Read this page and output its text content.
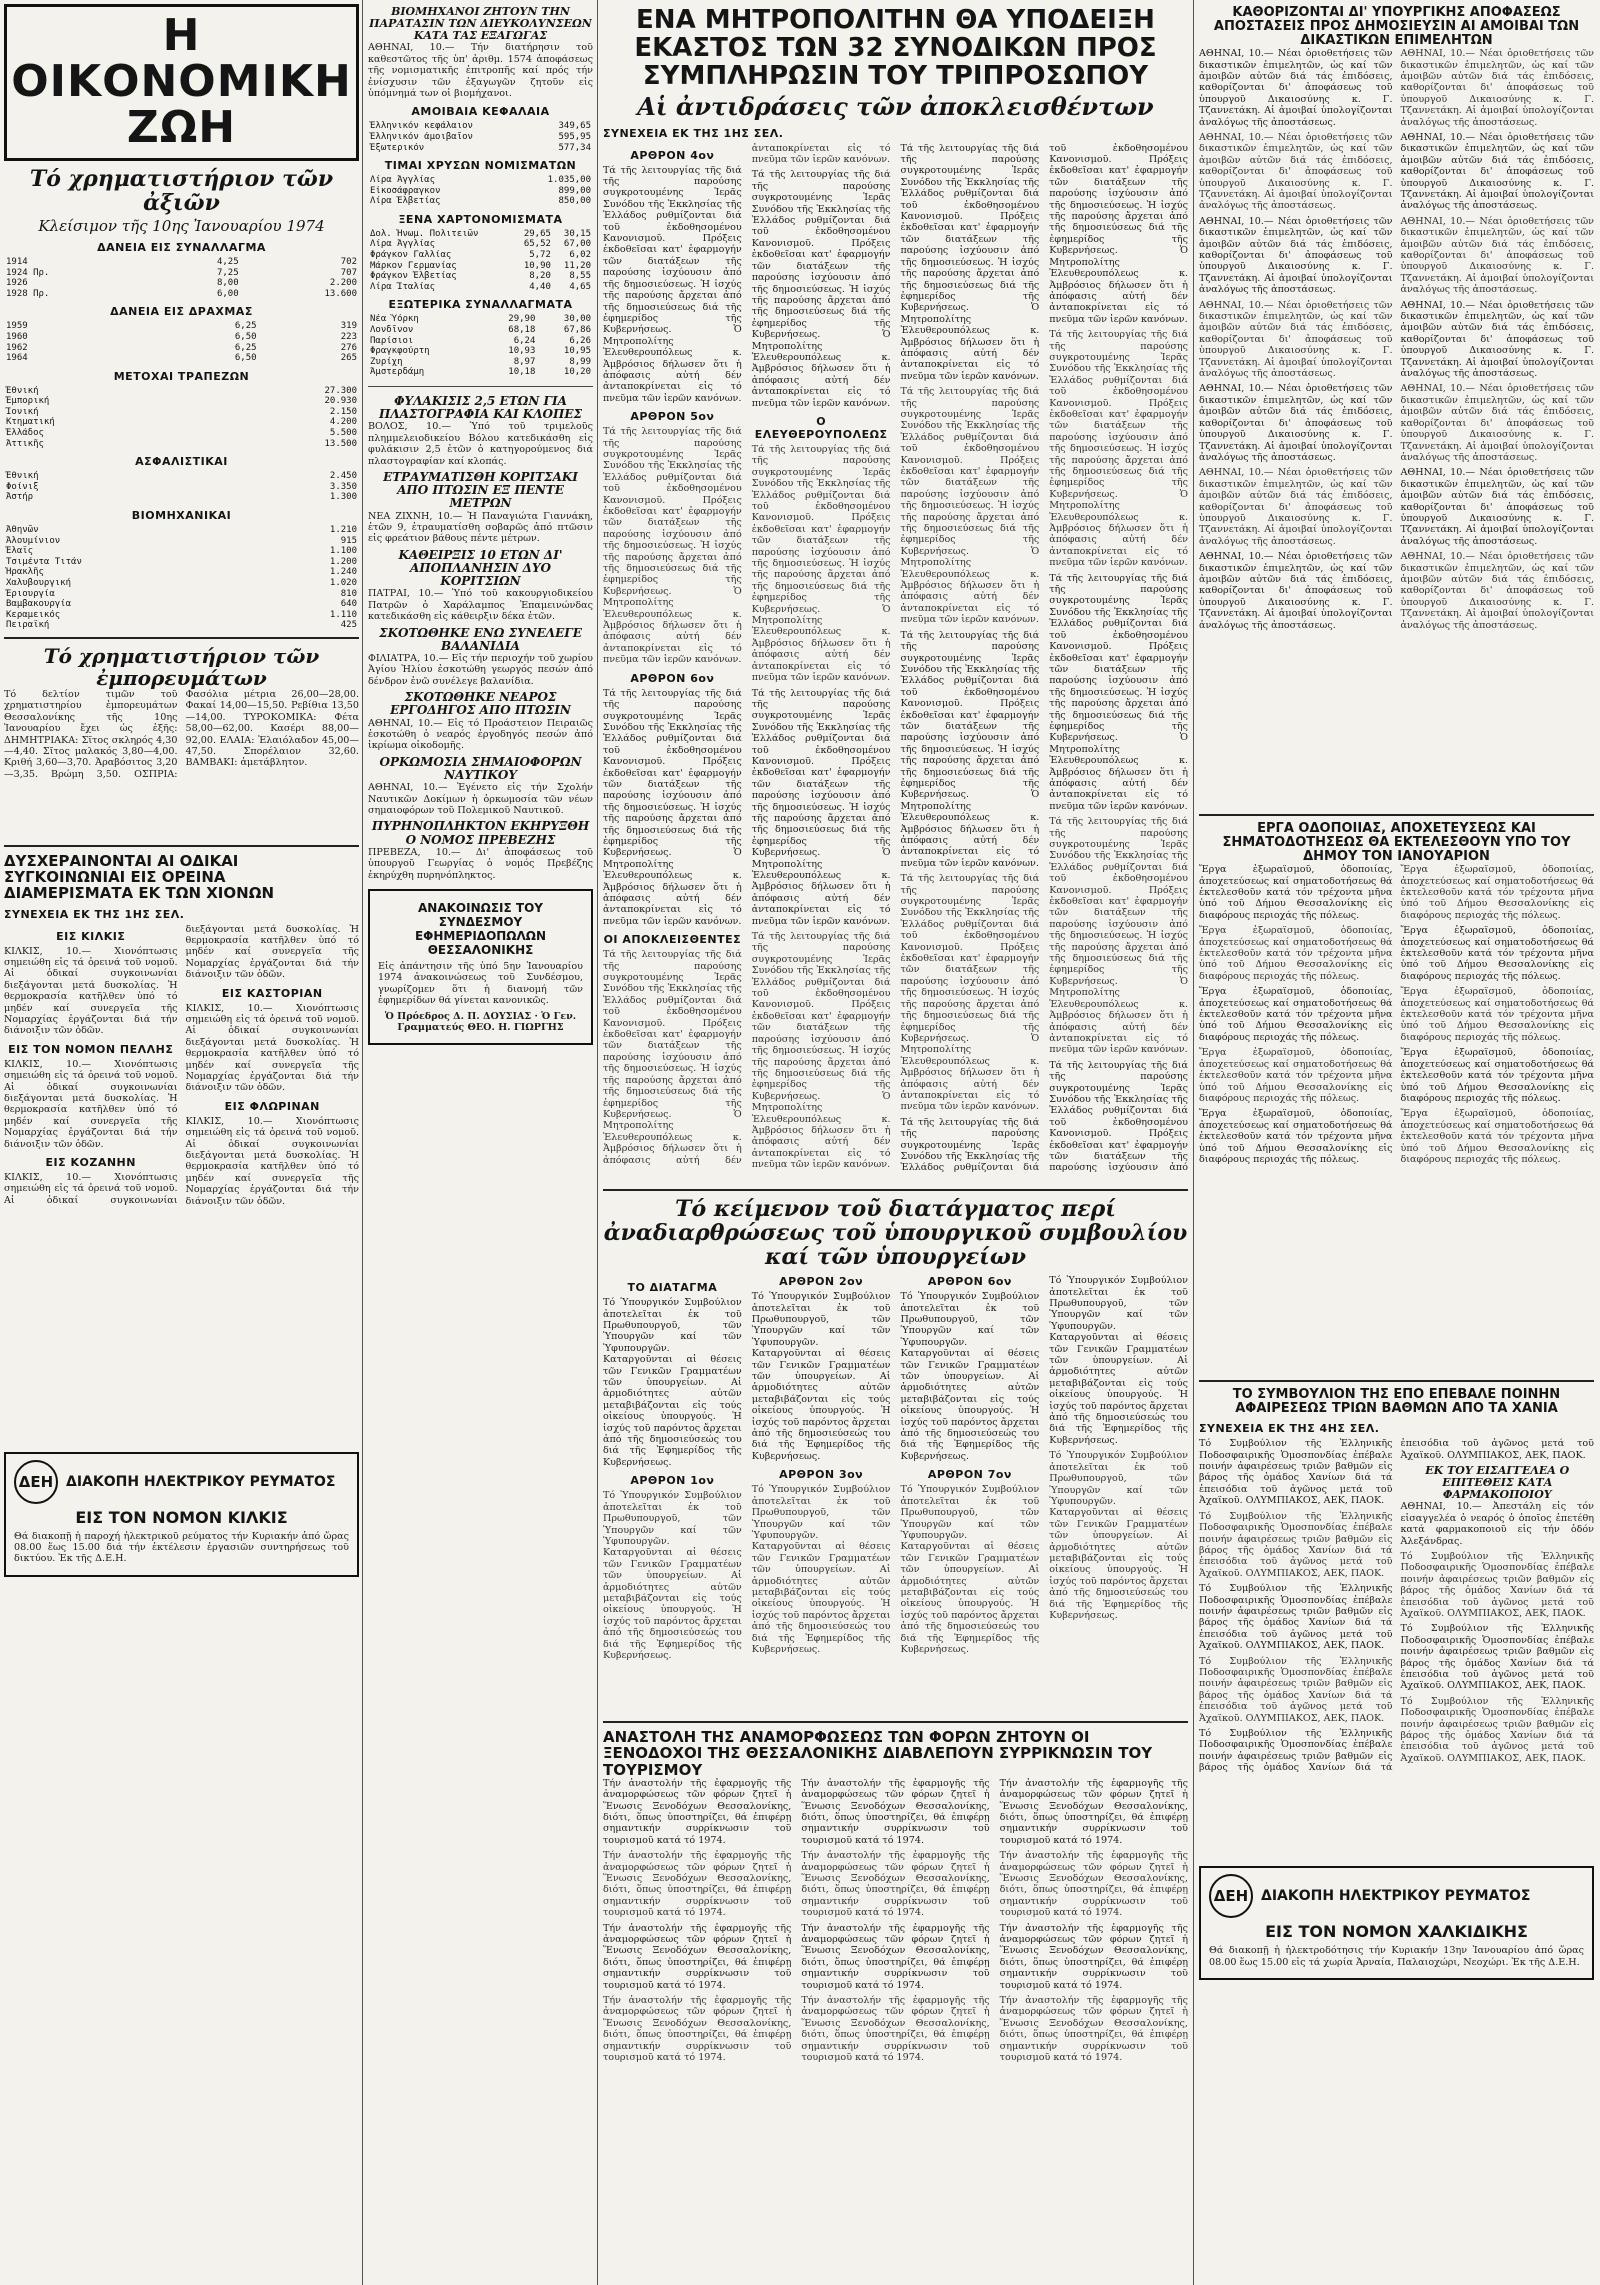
Η ΟΙΚΟΝΟΜΙΚΗ ΖΩΗ
Τό χρηματιστήριον τῶν ἀξιῶν
Κλείσιμον τῆς 10ης Ἰανουαρίου 1974
ΔΑΝΕΙΑ ΕΙΣ ΣΥΝΑΛΛΑΓΜΑ
1914	4,25	702
1924 Πρ.	7,25	707
1926	8,00	2.200
1928 Πρ.	6,00	13.600
ΔΑΝΕΙΑ ΕΙΣ ΔΡΑΧΜΑΣ
1959	6,25	319
1960	6,50	223
1962	6,25	276
1964	6,50	265
ΜΕΤΟΧΑΙ ΤΡΑΠΕΖΩΝ
Ἐθνική		27.300
Ἐμπορική		20.930
Ἰονική		2.150
Κτηματική		4.200
Ἐλλάδος		5.500
Ἀττικῆς		13.500
ΑΣΦΑΛΙΣΤΙΚΑΙ
Ἐθνική		2.450
Φοίνιξ		3.350
Ἀστήρ		1.300
ΒΙΟΜΗΧΑΝΙΚΑΙ
Ἀθηνῶν		1.210
Ἀλουμίνιον		915
Ἐλαΐς		1.100
Τσιμέντα Τιτάν		1.200
Ἡρακλῆς		1.240
Χαλυβουργική		1.020
Ἐριουργία		810
Βαμβακουργία		640
Κεραμεικός		1.110
Πειραϊκή		425
Τό χρηματιστήριον τῶν ἐμπορευμάτων

Τό δελτίον τιμῶν τοῦ χρηματιστηρίου ἐμπορευμάτων Θεσσαλονίκης τῆς 10ης Ἰανουαρίου ἔχει ὡς ἑξῆς: ΔΗΜΗΤΡΙΑΚΑ: Σῖτος σκληρός 4,30—4,40. Σῖτος μαλακός 3,80—4,00. Κριθή 3,60—3,70. Ἀραβόσιτος 3,20—3,35. Βρώμη 3,50. ΟΣΠΡΙΑ: Φασόλια μέτρια 26,00—28,00. Φακαί 14,00—15,50. Ρεβίθια 13,50—14,00. ΤΥΡΟΚΟΜΙΚΑ: Φέτα 58,00—62,00. Κασέρι 88,00—92,00. ΕΛΑΙΑ: Ἐλαιόλαδον 45,00—47,50. Σπορέλαιον 32,60. ΒΑΜΒΑΚΙ: ἀμετάβλητον.

ΔΥΣΧΕΡΑΙΝΟΝΤΑΙ ΑΙ ΟΔΙΚΑΙ ΣΥΓΚΟΙΝΩΝΙΑΙ ΕΙΣ ΟΡΕΙΝΑ ΔΙΑΜΕΡΙΣΜΑΤΑ ΕΚ ΤΩΝ ΧΙΟΝΩΝ
ΣΥΝΕΧΕΙΑ ΕΚ ΤΗΣ 1ΗΣ ΣΕΛ.
ΕΙΣ ΚΙΛΚΙΣ

ΚΙΛΚΙΣ, 10.— Χιονόπτωσις σημειώθη εἰς τά ὀρεινά τοῦ νομοῦ. Αἱ ὁδικαί συγκοινωνίαι διεξάγονται μετά δυσκολίας. Ἡ θερμοκρασία κατῆλθεν ὑπό τό μηδέν καί συνεργεῖα τῆς Νομαρχίας ἐργάζονται διά τήν διάνοιξιν τῶν ὁδῶν.

ΕΙΣ ΤΟΝ ΝΟΜΟΝ ΠΕΛΛΗΣ

ΚΙΛΚΙΣ, 10.— Χιονόπτωσις σημειώθη εἰς τά ὀρεινά τοῦ νομοῦ. Αἱ ὁδικαί συγκοινωνίαι διεξάγονται μετά δυσκολίας. Ἡ θερμοκρασία κατῆλθεν ὑπό τό μηδέν καί συνεργεῖα τῆς Νομαρχίας ἐργάζονται διά τήν διάνοιξιν τῶν ὁδῶν.

ΕΙΣ ΚΟΖΑΝΗΝ

ΚΙΛΚΙΣ, 10.— Χιονόπτωσις σημειώθη εἰς τά ὀρεινά τοῦ νομοῦ. Αἱ ὁδικαί συγκοινωνίαι διεξάγονται μετά δυσκολίας. Ἡ θερμοκρασία κατῆλθεν ὑπό τό μηδέν καί συνεργεῖα τῆς Νομαρχίας ἐργάζονται διά τήν διάνοιξιν τῶν ὁδῶν.

ΕΙΣ ΚΑΣΤΟΡΙΑΝ

ΚΙΛΚΙΣ, 10.— Χιονόπτωσις σημειώθη εἰς τά ὀρεινά τοῦ νομοῦ. Αἱ ὁδικαί συγκοινωνίαι διεξάγονται μετά δυσκολίας. Ἡ θερμοκρασία κατῆλθεν ὑπό τό μηδέν καί συνεργεῖα τῆς Νομαρχίας ἐργάζονται διά τήν διάνοιξιν τῶν ὁδῶν.

ΕΙΣ ΦΛΩΡΙΝΑΝ

ΚΙΛΚΙΣ, 10.— Χιονόπτωσις σημειώθη εἰς τά ὀρεινά τοῦ νομοῦ. Αἱ ὁδικαί συγκοινωνίαι διεξάγονται μετά δυσκολίας. Ἡ θερμοκρασία κατῆλθεν ὑπό τό μηδέν καί συνεργεῖα τῆς Νομαρχίας ἐργάζονται διά τήν διάνοιξιν τῶν ὁδῶν.

ΔΕΗ ΔΙΑΚΟΠΗ ΗΛΕΚΤΡΙΚΟΥ ΡΕΥΜΑΤΟΣ
ΕΙΣ ΤΟΝ ΝΟΜΟΝ ΚΙΛΚΙΣ

Θά διακοπῇ ἡ παροχή ἠλεκτρικοῦ ρεύματος τήν Κυριακήν ἀπό ὥρας 08.00 ἕως 15.00 διά τήν ἐκτέλεσιν ἐργασιῶν συντηρήσεως τοῦ δικτύου. Ἐκ τῆς Δ.Ε.Η.

ΒΙΟΜΗΧΑΝΟΙ ΖΗΤΟΥΝ ΤΗΝ ΠΑΡΑΤΑΣΙΝ ΤΩΝ ΔΙΕΥΚΟΛΥΝΣΕΩΝ ΚΑΤΑ ΤΑΣ ΕΞΑΓΩΓΑΣ

ΑΘΗΝΑΙ, 10.— Τήν διατήρησιν τοῦ καθεστῶτος τῆς ὑπ' ἀριθμ. 1574 ἀποφάσεως τῆς νομισματικῆς ἐπιτροπῆς καί πρός τήν ἐνίσχυσιν τῶν ἐξαγωγῶν ζητοῦν εἰς ὑπόμνημά των οἱ βιομήχανοι.

ΑΜΟΙΒΑΙΑ ΚΕΦΑΛΑΙΑ
Ἑλληνικόν κεφάλαιον	349,65
Ἑλληνικόν ἀμοιβαῖον	595,95
Ἐξωτερικόν	577,34
ΤΙΜΑΙ ΧΡΥΣΩΝ ΝΟΜΙΣΜΑΤΩΝ
Λίρα Ἀγγλίας	1.035,00
Εἰκοσάφραγκον	899,00
Λίρα Ἑλβετίας	850,00
ΞΕΝΑ ΧΑΡΤΟΝΟΜΙΣΜΑΤΑ
Δολ. Ἡνωμ. Πολιτειῶν	29,65	30,15
Λίρα Ἀγγλίας	65,52	67,00
Φράγκον Γαλλίας	5,72	6,02
Μάρκον Γερμανίας	10,90	11,20
Φράγκον Ἐλβετίας	8,20	8,55
Λίρα Ἰταλίας	4,40	4,65
ΕΞΩΤΕΡΙΚΑ ΣΥΝΑΛΛΑΓΜΑΤΑ
Νέα Ὑόρκη	29,90	30,00
Λονδῖνον	68,18	67,86
Παρίσιοι	6,24	6,26
Φραγκφούρτη	10,93	10,95
Ζυρίχη	8,97	8,99
Ἀμστερδάμη	10,18	10,20
ΦΥΛΑΚΙΣΙΣ 2,5 ΕΤΩΝ ΓΙΑ ΠΛΑΣΤΟΓΡΑΦΙΑ ΚΑΙ ΚΛΟΠΕΣ

ΒΟΛΟΣ, 10.— Ὑπό τοῦ τριμελοῦς πλημμελειοδικείου Βόλου κατεδικάσθη εἰς φυλάκισιν 2,5 ἐτῶν ὁ κατηγορούμενος διά πλαστογραφίαν καί κλοπάς.

ΕΤΡΑΥΜΑΤΙΣΘΗ ΚΟΡΙΤΣΑΚΙ ΑΠΟ ΠΤΩΣΙΝ ΕΞ ΠΕΝΤΕ ΜΕΤΡΩΝ

ΝΕΑ ΖΙΧΝΗ, 10.— Ἡ Παναγιώτα Γιαννάκη, ἐτῶν 9, ἐτραυματίσθη σοβαρῶς ἀπό πτῶσιν εἰς φρεάτιον βάθους πέντε μέτρων.

ΚΑΘΕΙΡΞΙΣ 10 ΕΤΩΝ ΔΙ' ΑΠΟΠΛΑΝΗΣΙΝ ΔΥΟ ΚΟΡΙΤΣΙΩΝ

ΠΑΤΡΑΙ, 10.— Ὑπό τοῦ κακουργιοδικείου Πατρῶν ὁ Χαράλαμπος Ἐπαμεινώνδας κατεδικάσθη εἰς κάθειρξιν δέκα ἐτῶν.

ΣΚΟΤΩΘΗΚΕ ΕΝΩ ΣΥΝΕΛΕΓΕ ΒΑΛΑΝΙΔΙΑ

ΦΙΛΙΑΤΡΑ, 10.— Εἰς τήν περιοχήν τοῦ χωρίου Ἀγίου Ἠλίου ἐσκοτώθη γεωργός πεσών ἀπό δένδρον ἐνῶ συνέλεγε βαλανίδια.

ΣΚΟΤΩΘΗΚΕ ΝΕΑΡΟΣ ΕΡΓΟΔΗΓΟΣ ΑΠΟ ΠΤΩΣΙΝ

ΑΘΗΝΑΙ, 10.— Εἰς τό Προάστειον Πειραιῶς ἐσκοτώθη ὁ νεαρός ἐργοδηγός πεσών ἀπό ἰκρίωμα οἰκοδομῆς.

ΟΡΚΩΜΟΣΙΑ ΣΗΜΑΙΟΦΟΡΩΝ ΝΑΥΤΙΚΟΥ

ΑΘΗΝΑΙ, 10.— Ἐγένετο εἰς τήν Σχολήν Ναυτικῶν Δοκίμων ἡ ὁρκωμοσία τῶν νέων σημαιοφόρων τοῦ Πολεμικοῦ Ναυτικοῦ.

ΠΥΡΗΝΟΠΛΗΚΤΟΝ ΕΚΗΡΥΞΘΗ Ο ΝΟΜΟΣ ΠΡΕΒΕΖΗΣ

ΠΡΕΒΕΖΑ, 10.— Δι' ἀποφάσεως τοῦ ὑπουργοῦ Γεωργίας ὁ νομός Πρεβέζης ἐκηρύχθη πυρηνόπληκτος.

ΑΝΑΚΟΙΝΩΣΙΣ ΤΟΥ ΣΥΝΔΕΣΜΟΥ ΕΦΗΜΕΡΙΔΟΠΩΛΩΝ ΘΕΣΣΑΛΟΝΙΚΗΣ

Εἰς ἀπάντησιν τῆς ὑπό 5ην Ἰανουαρίου 1974 ἀνακοινώσεως τοῦ Συνδέσμου, γνωρίζομεν ὅτι ἡ διανομή τῶν ἐφημερίδων θά γίνεται κανονικῶς.

Ὁ Πρόεδρος Δ. Π. ΔΟΥΣΙΑΣ · Ὁ Γεν. Γραμματεύς ΘΕΟ. Η. ΓΙΩΡΓΗΣ

ΕΝΑ ΜΗΤΡΟΠΟΛΙΤΗΝ ΘΑ ΥΠΟΔΕΙΞΗ ΕΚΑΣΤΟΣ ΤΩΝ 32 ΣΥΝΟΔΙΚΩΝ ΠΡΟΣ ΣΥΜΠΛΗΡΩΣΙΝ ΤΟΥ ΤΡΙΠΡΟΣΩΠΟΥ
Αἱ ἀντιδράσεις τῶν ἀποκλεισθέντων
ΣΥΝΕΧΕΙΑ ΕΚ ΤΗΣ 1ΗΣ ΣΕΛ.
ΑΡΘΡΟΝ 4ον

Τά τῆς λειτουργίας τῆς διά τῆς παρούσης συγκροτουμένης Ἱερᾶς Συνόδου τῆς Ἐκκλησίας τῆς Ἑλλάδος ρυθμίζονται διά τοῦ ἐκδοθησομένου Κανονισμοῦ. Πρόξεις ἐκδοθεῖσαι κατ' ἐφαρμογήν τῶν διατάξεων τῆς παρούσης ἰσχύουσιν ἀπό τῆς δημοσιεύσεως. Ἡ ἰσχύς τῆς παρούσης ἄρχεται ἀπό τῆς δημοσιεύσεως διά τῆς ἐφημερίδος τῆς Κυβερνήσεως. Ὁ Μητροπολίτης Ἐλευθερουπόλεως κ. Ἀμβρόσιος δήλωσεν ὅτι ἡ ἀπόφασις αὐτή δέν ἀνταποκρίνεται εἰς τό πνεῦμα τῶν ἱερῶν κανόνων.

ΑΡΘΡΟΝ 5ον

Τά τῆς λειτουργίας τῆς διά τῆς παρούσης συγκροτουμένης Ἱερᾶς Συνόδου τῆς Ἐκκλησίας τῆς Ἑλλάδος ρυθμίζονται διά τοῦ ἐκδοθησομένου Κανονισμοῦ. Πρόξεις ἐκδοθεῖσαι κατ' ἐφαρμογήν τῶν διατάξεων τῆς παρούσης ἰσχύουσιν ἀπό τῆς δημοσιεύσεως. Ἡ ἰσχύς τῆς παρούσης ἄρχεται ἀπό τῆς δημοσιεύσεως διά τῆς ἐφημερίδος τῆς Κυβερνήσεως. Ὁ Μητροπολίτης Ἐλευθερουπόλεως κ. Ἀμβρόσιος δήλωσεν ὅτι ἡ ἀπόφασις αὐτή δέν ἀνταποκρίνεται εἰς τό πνεῦμα τῶν ἱερῶν κανόνων.

ΑΡΘΡΟΝ 6ον

Τά τῆς λειτουργίας τῆς διά τῆς παρούσης συγκροτουμένης Ἱερᾶς Συνόδου τῆς Ἐκκλησίας τῆς Ἑλλάδος ρυθμίζονται διά τοῦ ἐκδοθησομένου Κανονισμοῦ. Πρόξεις ἐκδοθεῖσαι κατ' ἐφαρμογήν τῶν διατάξεων τῆς παρούσης ἰσχύουσιν ἀπό τῆς δημοσιεύσεως. Ἡ ἰσχύς τῆς παρούσης ἄρχεται ἀπό τῆς δημοσιεύσεως διά τῆς ἐφημερίδος τῆς Κυβερνήσεως. Ὁ Μητροπολίτης Ἐλευθερουπόλεως κ. Ἀμβρόσιος δήλωσεν ὅτι ἡ ἀπόφασις αὐτή δέν ἀνταποκρίνεται εἰς τό πνεῦμα τῶν ἱερῶν κανόνων.

ΟΙ ΑΠΟΚΛΕΙΣΘΕΝΤΕΣ

Τά τῆς λειτουργίας τῆς διά τῆς παρούσης συγκροτουμένης Ἱερᾶς Συνόδου τῆς Ἐκκλησίας τῆς Ἑλλάδος ρυθμίζονται διά τοῦ ἐκδοθησομένου Κανονισμοῦ. Πρόξεις ἐκδοθεῖσαι κατ' ἐφαρμογήν τῶν διατάξεων τῆς παρούσης ἰσχύουσιν ἀπό τῆς δημοσιεύσεως. Ἡ ἰσχύς τῆς παρούσης ἄρχεται ἀπό τῆς δημοσιεύσεως διά τῆς ἐφημερίδος τῆς Κυβερνήσεως. Ὁ Μητροπολίτης Ἐλευθερουπόλεως κ. Ἀμβρόσιος δήλωσεν ὅτι ἡ ἀπόφασις αὐτή δέν ἀνταποκρίνεται εἰς τό πνεῦμα τῶν ἱερῶν κανόνων.

Τά τῆς λειτουργίας τῆς διά τῆς παρούσης συγκροτουμένης Ἱερᾶς Συνόδου τῆς Ἐκκλησίας τῆς Ἑλλάδος ρυθμίζονται διά τοῦ ἐκδοθησομένου Κανονισμοῦ. Πρόξεις ἐκδοθεῖσαι κατ' ἐφαρμογήν τῶν διατάξεων τῆς παρούσης ἰσχύουσιν ἀπό τῆς δημοσιεύσεως. Ἡ ἰσχύς τῆς παρούσης ἄρχεται ἀπό τῆς δημοσιεύσεως διά τῆς ἐφημερίδος τῆς Κυβερνήσεως. Ὁ Μητροπολίτης Ἐλευθερουπόλεως κ. Ἀμβρόσιος δήλωσεν ὅτι ἡ ἀπόφασις αὐτή δέν ἀνταποκρίνεται εἰς τό πνεῦμα τῶν ἱερῶν κανόνων.

Ο ΕΛΕΥΘΕΡΟΥΠΟΛΕΩΣ

Τά τῆς λειτουργίας τῆς διά τῆς παρούσης συγκροτουμένης Ἱερᾶς Συνόδου τῆς Ἐκκλησίας τῆς Ἑλλάδος ρυθμίζονται διά τοῦ ἐκδοθησομένου Κανονισμοῦ. Πρόξεις ἐκδοθεῖσαι κατ' ἐφαρμογήν τῶν διατάξεων τῆς παρούσης ἰσχύουσιν ἀπό τῆς δημοσιεύσεως. Ἡ ἰσχύς τῆς παρούσης ἄρχεται ἀπό τῆς δημοσιεύσεως διά τῆς ἐφημερίδος τῆς Κυβερνήσεως. Ὁ Μητροπολίτης Ἐλευθερουπόλεως κ. Ἀμβρόσιος δήλωσεν ὅτι ἡ ἀπόφασις αὐτή δέν ἀνταποκρίνεται εἰς τό πνεῦμα τῶν ἱερῶν κανόνων.

Τά τῆς λειτουργίας τῆς διά τῆς παρούσης συγκροτουμένης Ἱερᾶς Συνόδου τῆς Ἐκκλησίας τῆς Ἑλλάδος ρυθμίζονται διά τοῦ ἐκδοθησομένου Κανονισμοῦ. Πρόξεις ἐκδοθεῖσαι κατ' ἐφαρμογήν τῶν διατάξεων τῆς παρούσης ἰσχύουσιν ἀπό τῆς δημοσιεύσεως. Ἡ ἰσχύς τῆς παρούσης ἄρχεται ἀπό τῆς δημοσιεύσεως διά τῆς ἐφημερίδος τῆς Κυβερνήσεως. Ὁ Μητροπολίτης Ἐλευθερουπόλεως κ. Ἀμβρόσιος δήλωσεν ὅτι ἡ ἀπόφασις αὐτή δέν ἀνταποκρίνεται εἰς τό πνεῦμα τῶν ἱερῶν κανόνων.

Τά τῆς λειτουργίας τῆς διά τῆς παρούσης συγκροτουμένης Ἱερᾶς Συνόδου τῆς Ἐκκλησίας τῆς Ἑλλάδος ρυθμίζονται διά τοῦ ἐκδοθησομένου Κανονισμοῦ. Πρόξεις ἐκδοθεῖσαι κατ' ἐφαρμογήν τῶν διατάξεων τῆς παρούσης ἰσχύουσιν ἀπό τῆς δημοσιεύσεως. Ἡ ἰσχύς τῆς παρούσης ἄρχεται ἀπό τῆς δημοσιεύσεως διά τῆς ἐφημερίδος τῆς Κυβερνήσεως. Ὁ Μητροπολίτης Ἐλευθερουπόλεως κ. Ἀμβρόσιος δήλωσεν ὅτι ἡ ἀπόφασις αὐτή δέν ἀνταποκρίνεται εἰς τό πνεῦμα τῶν ἱερῶν κανόνων.

Τά τῆς λειτουργίας τῆς διά τῆς παρούσης συγκροτουμένης Ἱερᾶς Συνόδου τῆς Ἐκκλησίας τῆς Ἑλλάδος ρυθμίζονται διά τοῦ ἐκδοθησομένου Κανονισμοῦ. Πρόξεις ἐκδοθεῖσαι κατ' ἐφαρμογήν τῶν διατάξεων τῆς παρούσης ἰσχύουσιν ἀπό τῆς δημοσιεύσεως. Ἡ ἰσχύς τῆς παρούσης ἄρχεται ἀπό τῆς δημοσιεύσεως διά τῆς ἐφημερίδος τῆς Κυβερνήσεως. Ὁ Μητροπολίτης Ἐλευθερουπόλεως κ. Ἀμβρόσιος δήλωσεν ὅτι ἡ ἀπόφασις αὐτή δέν ἀνταποκρίνεται εἰς τό πνεῦμα τῶν ἱερῶν κανόνων.

Τά τῆς λειτουργίας τῆς διά τῆς παρούσης συγκροτουμένης Ἱερᾶς Συνόδου τῆς Ἐκκλησίας τῆς Ἑλλάδος ρυθμίζονται διά τοῦ ἐκδοθησομένου Κανονισμοῦ. Πρόξεις ἐκδοθεῖσαι κατ' ἐφαρμογήν τῶν διατάξεων τῆς παρούσης ἰσχύουσιν ἀπό τῆς δημοσιεύσεως. Ἡ ἰσχύς τῆς παρούσης ἄρχεται ἀπό τῆς δημοσιεύσεως διά τῆς ἐφημερίδος τῆς Κυβερνήσεως. Ὁ Μητροπολίτης Ἐλευθερουπόλεως κ. Ἀμβρόσιος δήλωσεν ὅτι ἡ ἀπόφασις αὐτή δέν ἀνταποκρίνεται εἰς τό πνεῦμα τῶν ἱερῶν κανόνων.

Τά τῆς λειτουργίας τῆς διά τῆς παρούσης συγκροτουμένης Ἱερᾶς Συνόδου τῆς Ἐκκλησίας τῆς Ἑλλάδος ρυθμίζονται διά τοῦ ἐκδοθησομένου Κανονισμοῦ. Πρόξεις ἐκδοθεῖσαι κατ' ἐφαρμογήν τῶν διατάξεων τῆς παρούσης ἰσχύουσιν ἀπό τῆς δημοσιεύσεως. Ἡ ἰσχύς τῆς παρούσης ἄρχεται ἀπό τῆς δημοσιεύσεως διά τῆς ἐφημερίδος τῆς Κυβερνήσεως. Ὁ Μητροπολίτης Ἐλευθερουπόλεως κ. Ἀμβρόσιος δήλωσεν ὅτι ἡ ἀπόφασις αὐτή δέν ἀνταποκρίνεται εἰς τό πνεῦμα τῶν ἱερῶν κανόνων.

Τά τῆς λειτουργίας τῆς διά τῆς παρούσης συγκροτουμένης Ἱερᾶς Συνόδου τῆς Ἐκκλησίας τῆς Ἑλλάδος ρυθμίζονται διά τοῦ ἐκδοθησομένου Κανονισμοῦ. Πρόξεις ἐκδοθεῖσαι κατ' ἐφαρμογήν τῶν διατάξεων τῆς παρούσης ἰσχύουσιν ἀπό τῆς δημοσιεύσεως. Ἡ ἰσχύς τῆς παρούσης ἄρχεται ἀπό τῆς δημοσιεύσεως διά τῆς ἐφημερίδος τῆς Κυβερνήσεως. Ὁ Μητροπολίτης Ἐλευθερουπόλεως κ. Ἀμβρόσιος δήλωσεν ὅτι ἡ ἀπόφασις αὐτή δέν ἀνταποκρίνεται εἰς τό πνεῦμα τῶν ἱερῶν κανόνων.

Τά τῆς λειτουργίας τῆς διά τῆς παρούσης συγκροτουμένης Ἱερᾶς Συνόδου τῆς Ἐκκλησίας τῆς Ἑλλάδος ρυθμίζονται διά τοῦ ἐκδοθησομένου Κανονισμοῦ. Πρόξεις ἐκδοθεῖσαι κατ' ἐφαρμογήν τῶν διατάξεων τῆς παρούσης ἰσχύουσιν ἀπό τῆς δημοσιεύσεως. Ἡ ἰσχύς τῆς παρούσης ἄρχεται ἀπό τῆς δημοσιεύσεως διά τῆς ἐφημερίδος τῆς Κυβερνήσεως. Ὁ Μητροπολίτης Ἐλευθερουπόλεως κ. Ἀμβρόσιος δήλωσεν ὅτι ἡ ἀπόφασις αὐτή δέν ἀνταποκρίνεται εἰς τό πνεῦμα τῶν ἱερῶν κανόνων.

Τά τῆς λειτουργίας τῆς διά τῆς παρούσης συγκροτουμένης Ἱερᾶς Συνόδου τῆς Ἐκκλησίας τῆς Ἑλλάδος ρυθμίζονται διά τοῦ ἐκδοθησομένου Κανονισμοῦ. Πρόξεις ἐκδοθεῖσαι κατ' ἐφαρμογήν τῶν διατάξεων τῆς παρούσης ἰσχύουσιν ἀπό τῆς δημοσιεύσεως. Ἡ ἰσχύς τῆς παρούσης ἄρχεται ἀπό τῆς δημοσιεύσεως διά τῆς ἐφημερίδος τῆς Κυβερνήσεως. Ὁ Μητροπολίτης Ἐλευθερουπόλεως κ. Ἀμβρόσιος δήλωσεν ὅτι ἡ ἀπόφασις αὐτή δέν ἀνταποκρίνεται εἰς τό πνεῦμα τῶν ἱερῶν κανόνων.

Τά τῆς λειτουργίας τῆς διά τῆς παρούσης συγκροτουμένης Ἱερᾶς Συνόδου τῆς Ἐκκλησίας τῆς Ἑλλάδος ρυθμίζονται διά τοῦ ἐκδοθησομένου Κανονισμοῦ. Πρόξεις ἐκδοθεῖσαι κατ' ἐφαρμογήν τῶν διατάξεων τῆς παρούσης ἰσχύουσιν ἀπό τῆς δημοσιεύσεως. Ἡ ἰσχύς τῆς παρούσης ἄρχεται ἀπό τῆς δημοσιεύσεως διά τῆς ἐφημερίδος τῆς Κυβερνήσεως. Ὁ Μητροπολίτης Ἐλευθερουπόλεως κ. Ἀμβρόσιος δήλωσεν ὅτι ἡ ἀπόφασις αὐτή δέν ἀνταποκρίνεται εἰς τό πνεῦμα τῶν ἱερῶν κανόνων.

Τά τῆς λειτουργίας τῆς διά τῆς παρούσης συγκροτουμένης Ἱερᾶς Συνόδου τῆς Ἐκκλησίας τῆς Ἑλλάδος ρυθμίζονται διά τοῦ ἐκδοθησομένου Κανονισμοῦ. Πρόξεις ἐκδοθεῖσαι κατ' ἐφαρμογήν τῶν διατάξεων τῆς παρούσης ἰσχύουσιν ἀπό τῆς δημοσιεύσεως. Ἡ ἰσχύς τῆς παρούσης ἄρχεται ἀπό τῆς δημοσιεύσεως διά τῆς ἐφημερίδος τῆς Κυβερνήσεως. Ὁ Μητροπολίτης Ἐλευθερουπόλεως κ. Ἀμβρόσιος δήλωσεν ὅτι ἡ ἀπόφασις αὐτή δέν ἀνταποκρίνεται εἰς τό πνεῦμα τῶν ἱερῶν κανόνων.

Τά τῆς λειτουργίας τῆς διά τῆς παρούσης συγκροτουμένης Ἱερᾶς Συνόδου τῆς Ἐκκλησίας τῆς Ἑλλάδος ρυθμίζονται διά τοῦ ἐκδοθησομένου Κανονισμοῦ. Πρόξεις ἐκδοθεῖσαι κατ' ἐφαρμογήν τῶν διατάξεων τῆς παρούσης ἰσχύουσιν ἀπό

Τό κείμενον τοῦ διατάγματος περί ἀναδιαρθρώσεως τοῦ ὑπουργικοῦ συμβουλίου καί τῶν ὑπουργείων
ΤΟ ΔΙΑΤΑΓΜΑ

Τό Ὑπουργικόν Συμβούλιον ἀποτελεῖται ἐκ τοῦ Πρωθυπουργοῦ, τῶν Ὑπουργῶν καί τῶν Ὑφυπουργῶν. Καταργοῦνται αἱ θέσεις τῶν Γενικῶν Γραμματέων τῶν ὑπουργείων. Αἱ ἁρμοδιότητες αὐτῶν μεταβιβάζονται εἰς τούς οἰκείους ὑπουργούς. Ἡ ἰσχύς τοῦ παρόντος ἄρχεται ἀπό τῆς δημοσιεύσεώς του διά τῆς Ἐφημερίδος τῆς Κυβερνήσεως.

ΑΡΘΡΟΝ 1ον

Τό Ὑπουργικόν Συμβούλιον ἀποτελεῖται ἐκ τοῦ Πρωθυπουργοῦ, τῶν Ὑπουργῶν καί τῶν Ὑφυπουργῶν. Καταργοῦνται αἱ θέσεις τῶν Γενικῶν Γραμματέων τῶν ὑπουργείων. Αἱ ἁρμοδιότητες αὐτῶν μεταβιβάζονται εἰς τούς οἰκείους ὑπουργούς. Ἡ ἰσχύς τοῦ παρόντος ἄρχεται ἀπό τῆς δημοσιεύσεώς του διά τῆς Ἐφημερίδος τῆς Κυβερνήσεως.

ΑΡΘΡΟΝ 2ον

Τό Ὑπουργικόν Συμβούλιον ἀποτελεῖται ἐκ τοῦ Πρωθυπουργοῦ, τῶν Ὑπουργῶν καί τῶν Ὑφυπουργῶν. Καταργοῦνται αἱ θέσεις τῶν Γενικῶν Γραμματέων τῶν ὑπουργείων. Αἱ ἁρμοδιότητες αὐτῶν μεταβιβάζονται εἰς τούς οἰκείους ὑπουργούς. Ἡ ἰσχύς τοῦ παρόντος ἄρχεται ἀπό τῆς δημοσιεύσεώς του διά τῆς Ἐφημερίδος τῆς Κυβερνήσεως.

ΑΡΘΡΟΝ 3ον

Τό Ὑπουργικόν Συμβούλιον ἀποτελεῖται ἐκ τοῦ Πρωθυπουργοῦ, τῶν Ὑπουργῶν καί τῶν Ὑφυπουργῶν. Καταργοῦνται αἱ θέσεις τῶν Γενικῶν Γραμματέων τῶν ὑπουργείων. Αἱ ἁρμοδιότητες αὐτῶν μεταβιβάζονται εἰς τούς οἰκείους ὑπουργούς. Ἡ ἰσχύς τοῦ παρόντος ἄρχεται ἀπό τῆς δημοσιεύσεώς του διά τῆς Ἐφημερίδος τῆς Κυβερνήσεως.

ΑΡΘΡΟΝ 6ον

Τό Ὑπουργικόν Συμβούλιον ἀποτελεῖται ἐκ τοῦ Πρωθυπουργοῦ, τῶν Ὑπουργῶν καί τῶν Ὑφυπουργῶν. Καταργοῦνται αἱ θέσεις τῶν Γενικῶν Γραμματέων τῶν ὑπουργείων. Αἱ ἁρμοδιότητες αὐτῶν μεταβιβάζονται εἰς τούς οἰκείους ὑπουργούς. Ἡ ἰσχύς τοῦ παρόντος ἄρχεται ἀπό τῆς δημοσιεύσεώς του διά τῆς Ἐφημερίδος τῆς Κυβερνήσεως.

ΑΡΘΡΟΝ 7ον

Τό Ὑπουργικόν Συμβούλιον ἀποτελεῖται ἐκ τοῦ Πρωθυπουργοῦ, τῶν Ὑπουργῶν καί τῶν Ὑφυπουργῶν. Καταργοῦνται αἱ θέσεις τῶν Γενικῶν Γραμματέων τῶν ὑπουργείων. Αἱ ἁρμοδιότητες αὐτῶν μεταβιβάζονται εἰς τούς οἰκείους ὑπουργούς. Ἡ ἰσχύς τοῦ παρόντος ἄρχεται ἀπό τῆς δημοσιεύσεώς του διά τῆς Ἐφημερίδος τῆς Κυβερνήσεως.

Τό Ὑπουργικόν Συμβούλιον ἀποτελεῖται ἐκ τοῦ Πρωθυπουργοῦ, τῶν Ὑπουργῶν καί τῶν Ὑφυπουργῶν. Καταργοῦνται αἱ θέσεις τῶν Γενικῶν Γραμματέων τῶν ὑπουργείων. Αἱ ἁρμοδιότητες αὐτῶν μεταβιβάζονται εἰς τούς οἰκείους ὑπουργούς. Ἡ ἰσχύς τοῦ παρόντος ἄρχεται ἀπό τῆς δημοσιεύσεώς του διά τῆς Ἐφημερίδος τῆς Κυβερνήσεως.

Τό Ὑπουργικόν Συμβούλιον ἀποτελεῖται ἐκ τοῦ Πρωθυπουργοῦ, τῶν Ὑπουργῶν καί τῶν Ὑφυπουργῶν. Καταργοῦνται αἱ θέσεις τῶν Γενικῶν Γραμματέων τῶν ὑπουργείων. Αἱ ἁρμοδιότητες αὐτῶν μεταβιβάζονται εἰς τούς οἰκείους ὑπουργούς. Ἡ ἰσχύς τοῦ παρόντος ἄρχεται ἀπό τῆς δημοσιεύσεώς του διά τῆς Ἐφημερίδος τῆς Κυβερνήσεως.

ΑΝΑΣΤΟΛΗ ΤΗΣ ΑΝΑΜΟΡΦΩΣΕΩΣ ΤΩΝ ΦΟΡΩΝ ΖΗΤΟΥΝ ΟΙ ΞΕΝΟΔΟΧΟΙ ΤΗΣ ΘΕΣΣΑΛΟΝΙΚΗΣ ΔΙΑΒΛΕΠΟΥΝ ΣΥΡΡΙΚΝΩΣΙΝ ΤΟΥ ΤΟΥΡΙΣΜΟΥ

Τήν ἀναστολήν τῆς ἐφαρμογῆς τῆς ἀναμορφώσεως τῶν φόρων ζητεῖ ἡ Ἕνωσις Ξενοδόχων Θεσσαλονίκης, διότι, ὅπως ὑποστηρίζει, θά ἐπιφέρῃ σημαντικήν συρρίκνωσιν τοῦ τουρισμοῦ κατά τό 1974.

Τήν ἀναστολήν τῆς ἐφαρμογῆς τῆς ἀναμορφώσεως τῶν φόρων ζητεῖ ἡ Ἕνωσις Ξενοδόχων Θεσσαλονίκης, διότι, ὅπως ὑποστηρίζει, θά ἐπιφέρῃ σημαντικήν συρρίκνωσιν τοῦ τουρισμοῦ κατά τό 1974.

Τήν ἀναστολήν τῆς ἐφαρμογῆς τῆς ἀναμορφώσεως τῶν φόρων ζητεῖ ἡ Ἕνωσις Ξενοδόχων Θεσσαλονίκης, διότι, ὅπως ὑποστηρίζει, θά ἐπιφέρῃ σημαντικήν συρρίκνωσιν τοῦ τουρισμοῦ κατά τό 1974.

Τήν ἀναστολήν τῆς ἐφαρμογῆς τῆς ἀναμορφώσεως τῶν φόρων ζητεῖ ἡ Ἕνωσις Ξενοδόχων Θεσσαλονίκης, διότι, ὅπως ὑποστηρίζει, θά ἐπιφέρῃ σημαντικήν συρρίκνωσιν τοῦ τουρισμοῦ κατά τό 1974.

Τήν ἀναστολήν τῆς ἐφαρμογῆς τῆς ἀναμορφώσεως τῶν φόρων ζητεῖ ἡ Ἕνωσις Ξενοδόχων Θεσσαλονίκης, διότι, ὅπως ὑποστηρίζει, θά ἐπιφέρῃ σημαντικήν συρρίκνωσιν τοῦ τουρισμοῦ κατά τό 1974.

Τήν ἀναστολήν τῆς ἐφαρμογῆς τῆς ἀναμορφώσεως τῶν φόρων ζητεῖ ἡ Ἕνωσις Ξενοδόχων Θεσσαλονίκης, διότι, ὅπως ὑποστηρίζει, θά ἐπιφέρῃ σημαντικήν συρρίκνωσιν τοῦ τουρισμοῦ κατά τό 1974.

Τήν ἀναστολήν τῆς ἐφαρμογῆς τῆς ἀναμορφώσεως τῶν φόρων ζητεῖ ἡ Ἕνωσις Ξενοδόχων Θεσσαλονίκης, διότι, ὅπως ὑποστηρίζει, θά ἐπιφέρῃ σημαντικήν συρρίκνωσιν τοῦ τουρισμοῦ κατά τό 1974.

Τήν ἀναστολήν τῆς ἐφαρμογῆς τῆς ἀναμορφώσεως τῶν φόρων ζητεῖ ἡ Ἕνωσις Ξενοδόχων Θεσσαλονίκης, διότι, ὅπως ὑποστηρίζει, θά ἐπιφέρῃ σημαντικήν συρρίκνωσιν τοῦ τουρισμοῦ κατά τό 1974.

Τήν ἀναστολήν τῆς ἐφαρμογῆς τῆς ἀναμορφώσεως τῶν φόρων ζητεῖ ἡ Ἕνωσις Ξενοδόχων Θεσσαλονίκης, διότι, ὅπως ὑποστηρίζει, θά ἐπιφέρῃ σημαντικήν συρρίκνωσιν τοῦ τουρισμοῦ κατά τό 1974.

Τήν ἀναστολήν τῆς ἐφαρμογῆς τῆς ἀναμορφώσεως τῶν φόρων ζητεῖ ἡ Ἕνωσις Ξενοδόχων Θεσσαλονίκης, διότι, ὅπως ὑποστηρίζει, θά ἐπιφέρῃ σημαντικήν συρρίκνωσιν τοῦ τουρισμοῦ κατά τό 1974.

Τήν ἀναστολήν τῆς ἐφαρμογῆς τῆς ἀναμορφώσεως τῶν φόρων ζητεῖ ἡ Ἕνωσις Ξενοδόχων Θεσσαλονίκης, διότι, ὅπως ὑποστηρίζει, θά ἐπιφέρῃ σημαντικήν συρρίκνωσιν τοῦ τουρισμοῦ κατά τό 1974.

Τήν ἀναστολήν τῆς ἐφαρμογῆς τῆς ἀναμορφώσεως τῶν φόρων ζητεῖ ἡ Ἕνωσις Ξενοδόχων Θεσσαλονίκης, διότι, ὅπως ὑποστηρίζει, θά ἐπιφέρῃ σημαντικήν συρρίκνωσιν τοῦ τουρισμοῦ κατά τό 1974.

ΚΑΘΟΡΙΖΟΝΤΑΙ ΔΙ' ΥΠΟΥΡΓΙΚΗΣ ΑΠΟΦΑΣΕΩΣ ΑΠΟΣΤΑΣΕΙΣ ΠΡΟΣ ΔΗΜΟΣΙΕΥΣΙΝ ΑΙ ΑΜΟΙΒΑΙ ΤΩΝ ΔΙΚΑΣΤΙΚΩΝ ΕΠΙΜΕΛΗΤΩΝ

ΑΘΗΝΑΙ, 10.— Νέαι ὁριοθετήσεις τῶν δικαστικῶν ἐπιμελητῶν, ὡς καί τῶν ἀμοιβῶν αὐτῶν διά τάς ἐπιδόσεις, καθορίζονται δι' ἀποφάσεως τοῦ ὑπουργοῦ Δικαιοσύνης κ. Γ. Τζαννετάκη. Αἱ ἀμοιβαί ὑπολογίζονται ἀναλόγως τῆς ἀποστάσεως.

ΑΘΗΝΑΙ, 10.— Νέαι ὁριοθετήσεις τῶν δικαστικῶν ἐπιμελητῶν, ὡς καί τῶν ἀμοιβῶν αὐτῶν διά τάς ἐπιδόσεις, καθορίζονται δι' ἀποφάσεως τοῦ ὑπουργοῦ Δικαιοσύνης κ. Γ. Τζαννετάκη. Αἱ ἀμοιβαί ὑπολογίζονται ἀναλόγως τῆς ἀποστάσεως.

ΑΘΗΝΑΙ, 10.— Νέαι ὁριοθετήσεις τῶν δικαστικῶν ἐπιμελητῶν, ὡς καί τῶν ἀμοιβῶν αὐτῶν διά τάς ἐπιδόσεις, καθορίζονται δι' ἀποφάσεως τοῦ ὑπουργοῦ Δικαιοσύνης κ. Γ. Τζαννετάκη. Αἱ ἀμοιβαί ὑπολογίζονται ἀναλόγως τῆς ἀποστάσεως.

ΑΘΗΝΑΙ, 10.— Νέαι ὁριοθετήσεις τῶν δικαστικῶν ἐπιμελητῶν, ὡς καί τῶν ἀμοιβῶν αὐτῶν διά τάς ἐπιδόσεις, καθορίζονται δι' ἀποφάσεως τοῦ ὑπουργοῦ Δικαιοσύνης κ. Γ. Τζαννετάκη. Αἱ ἀμοιβαί ὑπολογίζονται ἀναλόγως τῆς ἀποστάσεως.

ΑΘΗΝΑΙ, 10.— Νέαι ὁριοθετήσεις τῶν δικαστικῶν ἐπιμελητῶν, ὡς καί τῶν ἀμοιβῶν αὐτῶν διά τάς ἐπιδόσεις, καθορίζονται δι' ἀποφάσεως τοῦ ὑπουργοῦ Δικαιοσύνης κ. Γ. Τζαννετάκη. Αἱ ἀμοιβαί ὑπολογίζονται ἀναλόγως τῆς ἀποστάσεως.

ΑΘΗΝΑΙ, 10.— Νέαι ὁριοθετήσεις τῶν δικαστικῶν ἐπιμελητῶν, ὡς καί τῶν ἀμοιβῶν αὐτῶν διά τάς ἐπιδόσεις, καθορίζονται δι' ἀποφάσεως τοῦ ὑπουργοῦ Δικαιοσύνης κ. Γ. Τζαννετάκη. Αἱ ἀμοιβαί ὑπολογίζονται ἀναλόγως τῆς ἀποστάσεως.

ΑΘΗΝΑΙ, 10.— Νέαι ὁριοθετήσεις τῶν δικαστικῶν ἐπιμελητῶν, ὡς καί τῶν ἀμοιβῶν αὐτῶν διά τάς ἐπιδόσεις, καθορίζονται δι' ἀποφάσεως τοῦ ὑπουργοῦ Δικαιοσύνης κ. Γ. Τζαννετάκη. Αἱ ἀμοιβαί ὑπολογίζονται ἀναλόγως τῆς ἀποστάσεως.

ΑΘΗΝΑΙ, 10.— Νέαι ὁριοθετήσεις τῶν δικαστικῶν ἐπιμελητῶν, ὡς καί τῶν ἀμοιβῶν αὐτῶν διά τάς ἐπιδόσεις, καθορίζονται δι' ἀποφάσεως τοῦ ὑπουργοῦ Δικαιοσύνης κ. Γ. Τζαννετάκη. Αἱ ἀμοιβαί ὑπολογίζονται ἀναλόγως τῆς ἀποστάσεως.

ΑΘΗΝΑΙ, 10.— Νέαι ὁριοθετήσεις τῶν δικαστικῶν ἐπιμελητῶν, ὡς καί τῶν ἀμοιβῶν αὐτῶν διά τάς ἐπιδόσεις, καθορίζονται δι' ἀποφάσεως τοῦ ὑπουργοῦ Δικαιοσύνης κ. Γ. Τζαννετάκη. Αἱ ἀμοιβαί ὑπολογίζονται ἀναλόγως τῆς ἀποστάσεως.

ΑΘΗΝΑΙ, 10.— Νέαι ὁριοθετήσεις τῶν δικαστικῶν ἐπιμελητῶν, ὡς καί τῶν ἀμοιβῶν αὐτῶν διά τάς ἐπιδόσεις, καθορίζονται δι' ἀποφάσεως τοῦ ὑπουργοῦ Δικαιοσύνης κ. Γ. Τζαννετάκη. Αἱ ἀμοιβαί ὑπολογίζονται ἀναλόγως τῆς ἀποστάσεως.

ΑΘΗΝΑΙ, 10.— Νέαι ὁριοθετήσεις τῶν δικαστικῶν ἐπιμελητῶν, ὡς καί τῶν ἀμοιβῶν αὐτῶν διά τάς ἐπιδόσεις, καθορίζονται δι' ἀποφάσεως τοῦ ὑπουργοῦ Δικαιοσύνης κ. Γ. Τζαννετάκη. Αἱ ἀμοιβαί ὑπολογίζονται ἀναλόγως τῆς ἀποστάσεως.

ΑΘΗΝΑΙ, 10.— Νέαι ὁριοθετήσεις τῶν δικαστικῶν ἐπιμελητῶν, ὡς καί τῶν ἀμοιβῶν αὐτῶν διά τάς ἐπιδόσεις, καθορίζονται δι' ἀποφάσεως τοῦ ὑπουργοῦ Δικαιοσύνης κ. Γ. Τζαννετάκη. Αἱ ἀμοιβαί ὑπολογίζονται ἀναλόγως τῆς ἀποστάσεως.

ΑΘΗΝΑΙ, 10.— Νέαι ὁριοθετήσεις τῶν δικαστικῶν ἐπιμελητῶν, ὡς καί τῶν ἀμοιβῶν αὐτῶν διά τάς ἐπιδόσεις, καθορίζονται δι' ἀποφάσεως τοῦ ὑπουργοῦ Δικαιοσύνης κ. Γ. Τζαννετάκη. Αἱ ἀμοιβαί ὑπολογίζονται ἀναλόγως τῆς ἀποστάσεως.

ΑΘΗΝΑΙ, 10.— Νέαι ὁριοθετήσεις τῶν δικαστικῶν ἐπιμελητῶν, ὡς καί τῶν ἀμοιβῶν αὐτῶν διά τάς ἐπιδόσεις, καθορίζονται δι' ἀποφάσεως τοῦ ὑπουργοῦ Δικαιοσύνης κ. Γ. Τζαννετάκη. Αἱ ἀμοιβαί ὑπολογίζονται ἀναλόγως τῆς ἀποστάσεως.

ΕΡΓΑ ΟΔΟΠΟΙΙΑΣ, ΑΠΟΧΕΤΕΥΣΕΩΣ ΚΑΙ ΣΗΜΑΤΟΔΟΤΗΣΕΩΣ ΘΑ ΕΚΤΕΛΕΣΘΟΥΝ ΥΠΟ ΤΟΥ ΔΗΜΟΥ ΤΟΝ ΙΑΝΟΥΑΡΙΟΝ

Ἔργα ἐξωραϊσμοῦ, ὁδοποιίας, ἀποχετεύσεως καί σηματοδοτήσεως θά ἐκτελεσθοῦν κατά τόν τρέχοντα μῆνα ὑπό τοῦ Δήμου Θεσσαλονίκης εἰς διαφόρους περιοχάς τῆς πόλεως.

Ἔργα ἐξωραϊσμοῦ, ὁδοποιίας, ἀποχετεύσεως καί σηματοδοτήσεως θά ἐκτελεσθοῦν κατά τόν τρέχοντα μῆνα ὑπό τοῦ Δήμου Θεσσαλονίκης εἰς διαφόρους περιοχάς τῆς πόλεως.

Ἔργα ἐξωραϊσμοῦ, ὁδοποιίας, ἀποχετεύσεως καί σηματοδοτήσεως θά ἐκτελεσθοῦν κατά τόν τρέχοντα μῆνα ὑπό τοῦ Δήμου Θεσσαλονίκης εἰς διαφόρους περιοχάς τῆς πόλεως.

Ἔργα ἐξωραϊσμοῦ, ὁδοποιίας, ἀποχετεύσεως καί σηματοδοτήσεως θά ἐκτελεσθοῦν κατά τόν τρέχοντα μῆνα ὑπό τοῦ Δήμου Θεσσαλονίκης εἰς διαφόρους περιοχάς τῆς πόλεως.

Ἔργα ἐξωραϊσμοῦ, ὁδοποιίας, ἀποχετεύσεως καί σηματοδοτήσεως θά ἐκτελεσθοῦν κατά τόν τρέχοντα μῆνα ὑπό τοῦ Δήμου Θεσσαλονίκης εἰς διαφόρους περιοχάς τῆς πόλεως.

Ἔργα ἐξωραϊσμοῦ, ὁδοποιίας, ἀποχετεύσεως καί σηματοδοτήσεως θά ἐκτελεσθοῦν κατά τόν τρέχοντα μῆνα ὑπό τοῦ Δήμου Θεσσαλονίκης εἰς διαφόρους περιοχάς τῆς πόλεως.

Ἔργα ἐξωραϊσμοῦ, ὁδοποιίας, ἀποχετεύσεως καί σηματοδοτήσεως θά ἐκτελεσθοῦν κατά τόν τρέχοντα μῆνα ὑπό τοῦ Δήμου Θεσσαλονίκης εἰς διαφόρους περιοχάς τῆς πόλεως.

Ἔργα ἐξωραϊσμοῦ, ὁδοποιίας, ἀποχετεύσεως καί σηματοδοτήσεως θά ἐκτελεσθοῦν κατά τόν τρέχοντα μῆνα ὑπό τοῦ Δήμου Θεσσαλονίκης εἰς διαφόρους περιοχάς τῆς πόλεως.

Ἔργα ἐξωραϊσμοῦ, ὁδοποιίας, ἀποχετεύσεως καί σηματοδοτήσεως θά ἐκτελεσθοῦν κατά τόν τρέχοντα μῆνα ὑπό τοῦ Δήμου Θεσσαλονίκης εἰς διαφόρους περιοχάς τῆς πόλεως.

Ἔργα ἐξωραϊσμοῦ, ὁδοποιίας, ἀποχετεύσεως καί σηματοδοτήσεως θά ἐκτελεσθοῦν κατά τόν τρέχοντα μῆνα ὑπό τοῦ Δήμου Θεσσαλονίκης εἰς διαφόρους περιοχάς τῆς πόλεως.

ΤΟ ΣΥΜΒΟΥΛΙΟΝ ΤΗΣ ΕΠΟ ΕΠΕΒΑΛΕ ΠΟΙΝΗΝ ΑΦΑΙΡΕΣΕΩΣ ΤΡΙΩΝ ΒΑΘΜΩΝ ΑΠΟ ΤΑ ΧΑΝΙΑ
ΣΥΝΕΧΕΙΑ ΕΚ ΤΗΣ 4ΗΣ ΣΕΛ.

Τό Συμβούλιον τῆς Ἐλληνικῆς Ποδοσφαιρικῆς Ὁμοσπονδίας ἐπέβαλε ποινήν ἀφαιρέσεως τριῶν βαθμῶν εἰς βάρος τῆς ὁμάδος Χανίων διά τά ἐπεισόδια τοῦ ἀγῶνος μετά τοῦ Ἀχαϊκοῦ. ΟΛΥΜΠΙΑΚΟΣ, ΑΕΚ, ΠΑΟΚ.

Τό Συμβούλιον τῆς Ἐλληνικῆς Ποδοσφαιρικῆς Ὁμοσπονδίας ἐπέβαλε ποινήν ἀφαιρέσεως τριῶν βαθμῶν εἰς βάρος τῆς ὁμάδος Χανίων διά τά ἐπεισόδια τοῦ ἀγῶνος μετά τοῦ Ἀχαϊκοῦ. ΟΛΥΜΠΙΑΚΟΣ, ΑΕΚ, ΠΑΟΚ.

Τό Συμβούλιον τῆς Ἐλληνικῆς Ποδοσφαιρικῆς Ὁμοσπονδίας ἐπέβαλε ποινήν ἀφαιρέσεως τριῶν βαθμῶν εἰς βάρος τῆς ὁμάδος Χανίων διά τά ἐπεισόδια τοῦ ἀγῶνος μετά τοῦ Ἀχαϊκοῦ. ΟΛΥΜΠΙΑΚΟΣ, ΑΕΚ, ΠΑΟΚ.

Τό Συμβούλιον τῆς Ἐλληνικῆς Ποδοσφαιρικῆς Ὁμοσπονδίας ἐπέβαλε ποινήν ἀφαιρέσεως τριῶν βαθμῶν εἰς βάρος τῆς ὁμάδος Χανίων διά τά ἐπεισόδια τοῦ ἀγῶνος μετά τοῦ Ἀχαϊκοῦ. ΟΛΥΜΠΙΑΚΟΣ, ΑΕΚ, ΠΑΟΚ.

Τό Συμβούλιον τῆς Ἐλληνικῆς Ποδοσφαιρικῆς Ὁμοσπονδίας ἐπέβαλε ποινήν ἀφαιρέσεως τριῶν βαθμῶν εἰς βάρος τῆς ὁμάδος Χανίων διά τά ἐπεισόδια τοῦ ἀγῶνος μετά τοῦ Ἀχαϊκοῦ. ΟΛΥΜΠΙΑΚΟΣ, ΑΕΚ, ΠΑΟΚ.

ΕΚ ΤΟΥ ΕΙΣΑΓΓΕΛΕΑ Ο ΕΠΙΤΕΘΕΙΣ ΚΑΤΑ ΦΑΡΜΑΚΟΠΟΙΟΥ

ΑΘΗΝΑΙ, 10.— Ἀπεστάλη εἰς τόν εἰσαγγελέα ὁ νεαρός ὁ ὁποῖος ἐπετέθη κατά φαρμακοποιοῦ εἰς τήν ὁδόν Ἀλεξάνδρας.

Τό Συμβούλιον τῆς Ἐλληνικῆς Ποδοσφαιρικῆς Ὁμοσπονδίας ἐπέβαλε ποινήν ἀφαιρέσεως τριῶν βαθμῶν εἰς βάρος τῆς ὁμάδος Χανίων διά τά ἐπεισόδια τοῦ ἀγῶνος μετά τοῦ Ἀχαϊκοῦ. ΟΛΥΜΠΙΑΚΟΣ, ΑΕΚ, ΠΑΟΚ.

Τό Συμβούλιον τῆς Ἐλληνικῆς Ποδοσφαιρικῆς Ὁμοσπονδίας ἐπέβαλε ποινήν ἀφαιρέσεως τριῶν βαθμῶν εἰς βάρος τῆς ὁμάδος Χανίων διά τά ἐπεισόδια τοῦ ἀγῶνος μετά τοῦ Ἀχαϊκοῦ. ΟΛΥΜΠΙΑΚΟΣ, ΑΕΚ, ΠΑΟΚ.

Τό Συμβούλιον τῆς Ἐλληνικῆς Ποδοσφαιρικῆς Ὁμοσπονδίας ἐπέβαλε ποινήν ἀφαιρέσεως τριῶν βαθμῶν εἰς βάρος τῆς ὁμάδος Χανίων διά τά ἐπεισόδια τοῦ ἀγῶνος μετά τοῦ Ἀχαϊκοῦ. ΟΛΥΜΠΙΑΚΟΣ, ΑΕΚ, ΠΑΟΚ.

ΔΕΗ ΔΙΑΚΟΠΗ ΗΛΕΚΤΡΙΚΟΥ ΡΕΥΜΑΤΟΣ
ΕΙΣ ΤΟΝ ΝΟΜΟΝ ΧΑΛΚΙΔΙΚΗΣ

Θά διακοπῇ ἡ ἠλεκτροδότησις τήν Κυριακήν 13ην Ἰανουαρίου ἀπό ὥρας 08.00 ἕως 15.00 εἰς τά χωρία Ἀρναία, Παλαιοχώρι, Νεοχώρι. Ἐκ τῆς Δ.Ε.Η.
